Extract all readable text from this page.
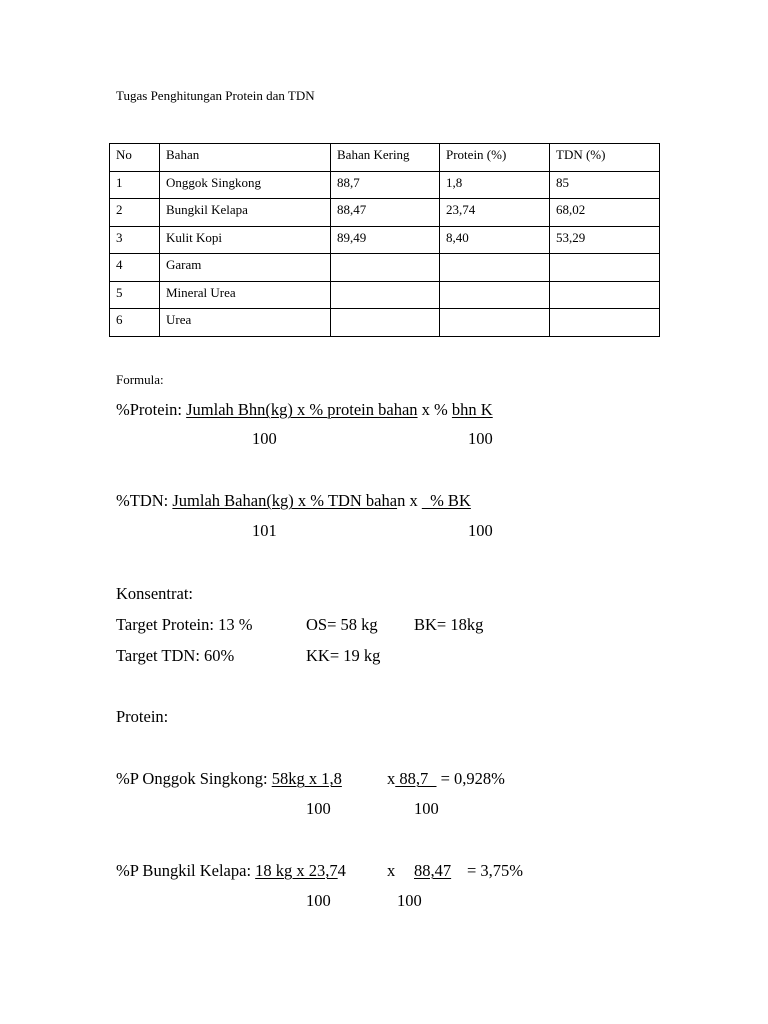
Tugas Penghitungan Protein dan TDN
No	Bahan	Bahan Kering	Protein (%)	TDN (%)
1	Onggok Singkong	88,7	1,8	85
2	Bungkil Kelapa	88,47	23,74	68,02
3	Kulit Kopi	89,49	8,40	53,29
4	Garam			
5	Mineral Urea			
6	Urea			
Formula:
%Protein: Jumlah Bhn(kg) x % protein bahan x % bhn K
100	100
%TDN: Jumlah Bahan(kg) x % TDN bahan x   % BK
101	100
Konsentrat:
Target Protein: 13 %	OS= 58 kg BK= 18kg
Target TDN: 60%	KK= 19 kg
Protein:
%P Onggok Singkong: 58kg x 1,8	x 88,7   = 0,928%
100	100
%P Bungkil Kelapa: 18 kg x 23,74 x 88,47 = 3,75%
100	100
